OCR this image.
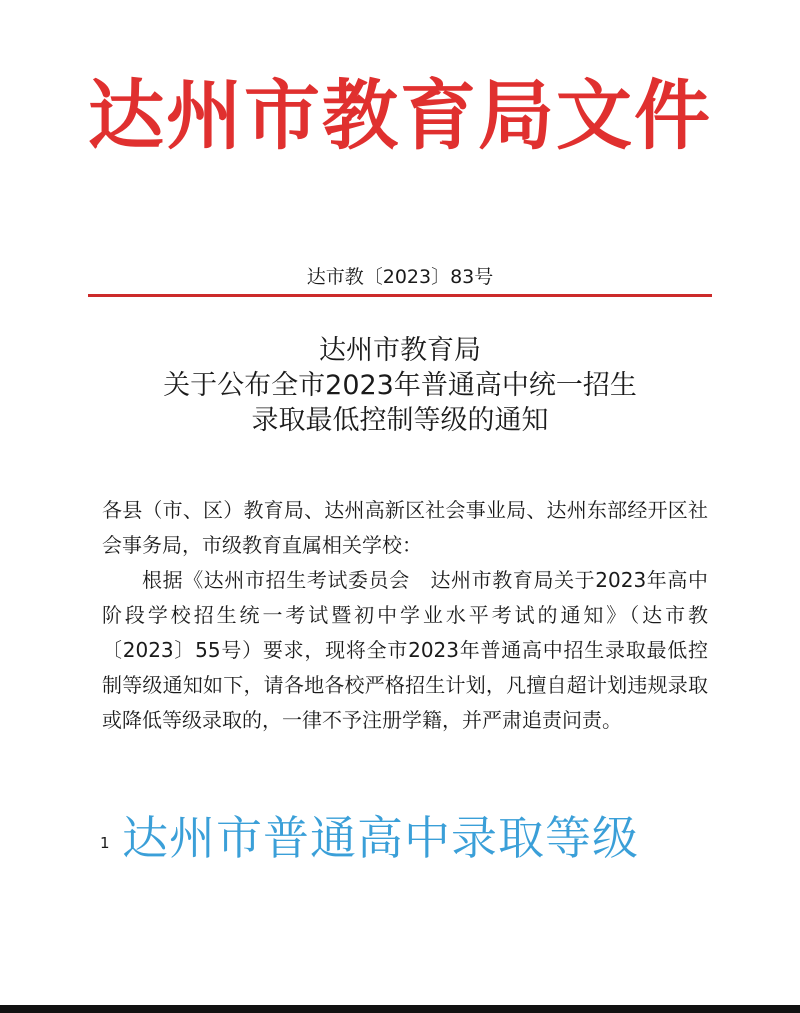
达州市教育局文件
达市教〔2023〕83号
达州市教育局
关于公布全市2023年普通高中统一招生
录取最低控制等级的通知

各县（市、区）教育局、达州高新区社会事业局、达州东部经开区社会事务局，市级教育直属相关学校：

根据《达州市招生考试委员会　达州市教育局关于2023年高中阶段学校招生统一考试暨初中学业水平考试的通知》（达市教〔2023〕55号）要求，现将全市2023年普通高中招生录取最低控制等级通知如下，请各地各校严格招生计划，凡擅自超计划违规录取或降低等级录取的，一律不予注册学籍，并严肃追责问责。

1 达州市普通高中录取等级
